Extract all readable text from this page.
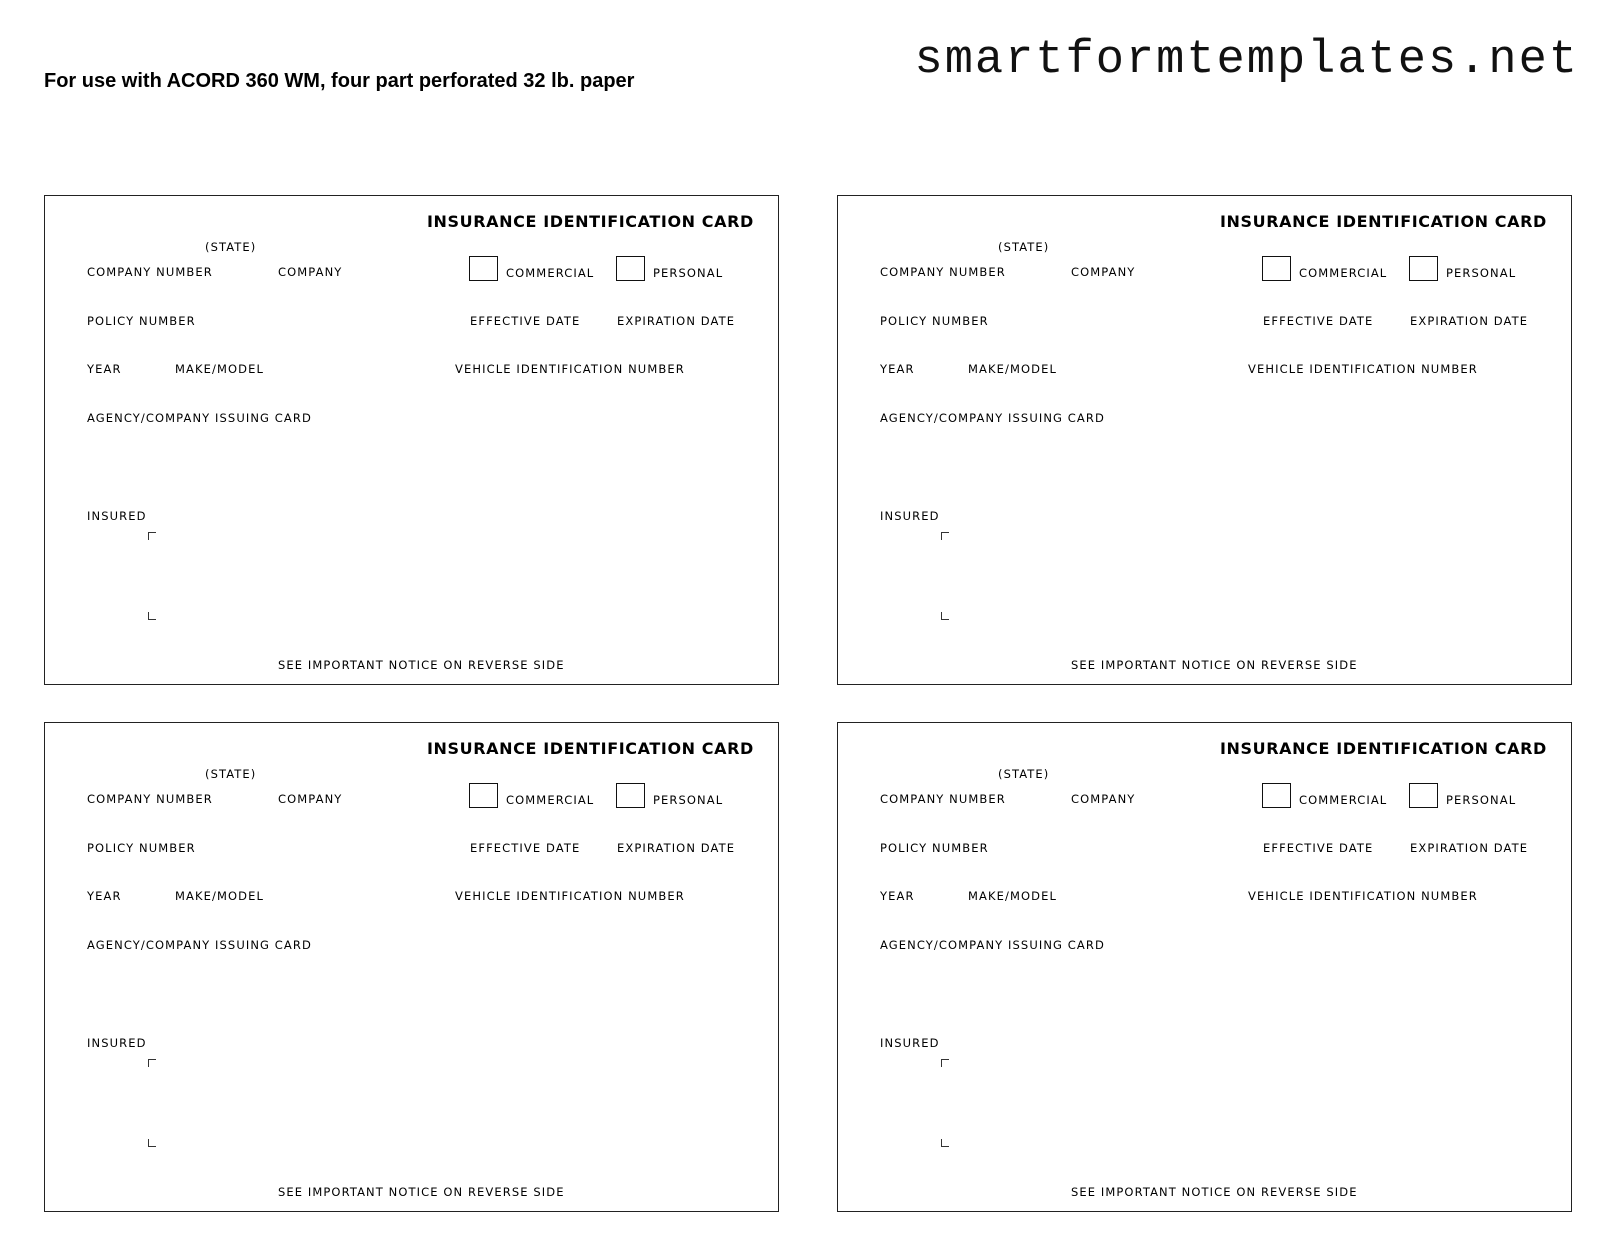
For use with ACORD 360 WM, four part perforated 32 lb. paper	smartformtemplates.net
INSURANCE IDENTIFICATION CARD
(STATE)
COMPANY NUMBER	COMPANY	COMMERCIAL	PERSONAL
POLICY NUMBER	EFFECTIVE DATE	EXPIRATION DATE
YEAR	MAKE/MODEL	VEHICLE IDENTIFICATION NUMBER
AGENCY/COMPANY ISSUING CARD
INSURED
SEE IMPORTANT NOTICE ON REVERSE SIDE
INSURANCE IDENTIFICATION CARD
(STATE)
COMPANY NUMBER	COMPANY	COMMERCIAL	PERSONAL
POLICY NUMBER	EFFECTIVE DATE	EXPIRATION DATE
YEAR	MAKE/MODEL	VEHICLE IDENTIFICATION NUMBER
AGENCY/COMPANY ISSUING CARD
INSURED
SEE IMPORTANT NOTICE ON REVERSE SIDE
INSURANCE IDENTIFICATION CARD
(STATE)
COMPANY NUMBER	COMPANY	COMMERCIAL	PERSONAL
POLICY NUMBER	EFFECTIVE DATE	EXPIRATION DATE
YEAR	MAKE/MODEL	VEHICLE IDENTIFICATION NUMBER
AGENCY/COMPANY ISSUING CARD
INSURED
SEE IMPORTANT NOTICE ON REVERSE SIDE
INSURANCE IDENTIFICATION CARD
(STATE)
COMPANY NUMBER	COMPANY	COMMERCIAL	PERSONAL
POLICY NUMBER	EFFECTIVE DATE	EXPIRATION DATE
YEAR	MAKE/MODEL	VEHICLE IDENTIFICATION NUMBER
AGENCY/COMPANY ISSUING CARD
INSURED
SEE IMPORTANT NOTICE ON REVERSE SIDE
